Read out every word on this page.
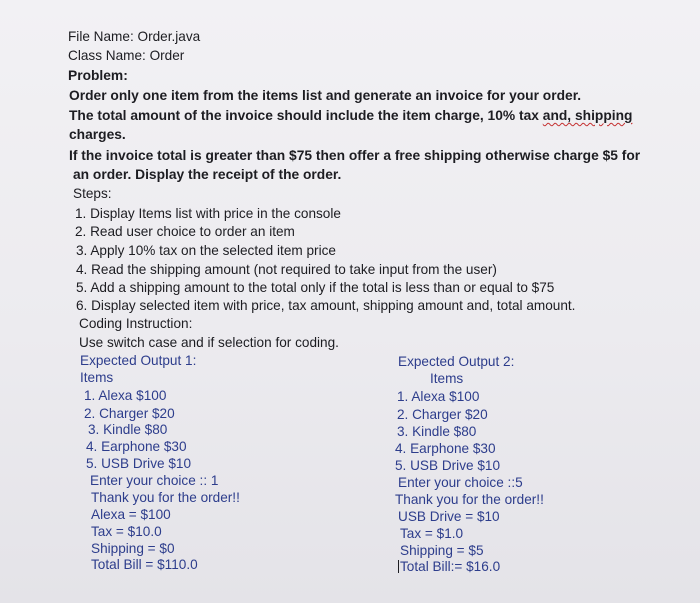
File Name: Order.java
Class Name: Order
Problem:
Order only one item from the items list and generate an invoice for your order.
The total amount of the invoice should include the item charge, 10% tax and, shipping
charges.
If the invoice total is greater than $75 then offer a free shipping otherwise charge $5 for
an order. Display the receipt of the order.
Steps:
1. Display Items list with price in the console
2. Read user choice to order an item
3. Apply 10% tax on the selected item price
4. Read the shipping amount (not required to take input from the user)
5. Add a shipping amount to the total only if the total is less than or equal to $75
6. Display selected item with price, tax amount, shipping amount and, total amount.
Coding Instruction:
Use switch case and if selection for coding.
Expected Output 1:
Items
1. Alexa $100
2. Charger $20
3. Kindle $80
4. Earphone $30
5. USB Drive $10
Enter your choice :: 1
Thank you for the order!!
Alexa = $100
Tax = $10.0
Shipping = $0
Total Bill = $110.0
Expected Output 2:
Items
1. Alexa $100
2. Charger $20
3. Kindle $80
4. Earphone $30
5. USB Drive $10
Enter your choice ::5
Thank you for the order!!
USB Drive = $10
Tax = $1.0
Shipping = $5
Total Bill:= $16.0
